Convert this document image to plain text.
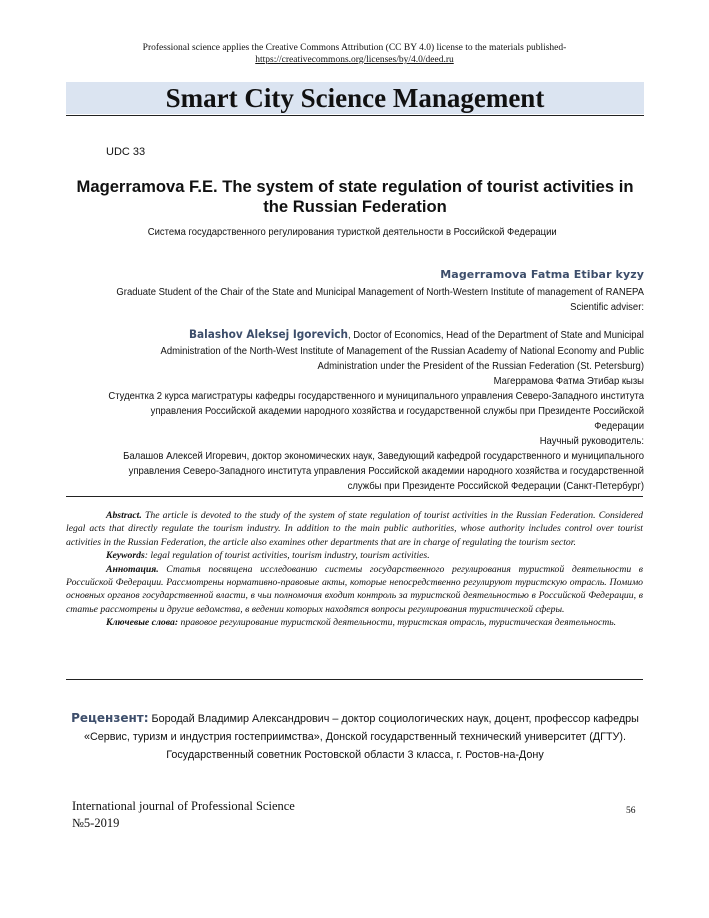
Professional science applies the Creative Commons Attribution (CC BY 4.0) license to the materials published-
https://creativecommons.org/licenses/by/4.0/deed.ru
Smart City Science Management
UDC 33
Magerramova F.E. The system of state regulation of tourist activities in the Russian Federation
Система государственного регулирования туристкой деятельности в Российской Федерации
Magerramova Fatma Etibar kyzy
Graduate Student of the Chair of the State and Municipal Management of North-Western Institute of management of RANEPA
Scientific adviser:
Balashov Aleksej Igorevich, Doctor of Economics, Head of the Department of State and Municipal
Administration of the North-West Institute of Management of the Russian Academy of National Economy and Public Administration under the President of the Russian Federation (St. Petersburg)
Магеррамова Фатма Этибар кызы
Студентка 2 курса магистратуры кафедры государственного и муниципального управления Северо-Западного института управления Российской академии народного хозяйства и государственной службы при Президенте Российской Федерации
Научный руководитель:
Балашов Алексей Игоревич, доктор экономических наук, Заведующий кафедрой государственного и муниципального управления Северо-Западного института управления Российской академии народного хозяйства и государственной службы при Президенте Российской Федерации (Санкт-Петербург)

Abstract. The article is devoted to the study of the system of state regulation of tourist activities in the Russian Federation. Considered legal acts that directly regulate the tourism industry. In addition to the main public authorities, whose authority includes control over tourist activities in the Russian Federation, the article also examines other departments that are in charge of regulating the tourism sector.

Keywords: legal regulation of tourist activities, tourism industry, tourism activities.

Аннотация. Статья посвящена исследованию системы государственного регулирования туристкой деятельности в Российской Федерации. Рассмотрены нормативно-правовые акты, которые непосредственно регулируют туристскую отрасль. Помимо основных органов государственной власти, в чьи полномочия входит контроль за туристской деятельностью в Российской Федерации, в статье рассмотрены и другие ведомства, в ведении которых находятся вопросы регулирования туристической сферы.

Ключевые слова: правовое регулирование туристской деятельности, туристская отрасль, туристическая деятельность.

Рецензент: Бородай Владимир Александрович – доктор социологических наук, доцент, профессор кафедры «Сервис, туризм и индустрия гостеприимства», Донской государственный технический университет (ДГТУ). Государственный советник Ростовской области 3 класса, г. Ростов-на-Дону
International journal of Professional Science
№5-2019
56
